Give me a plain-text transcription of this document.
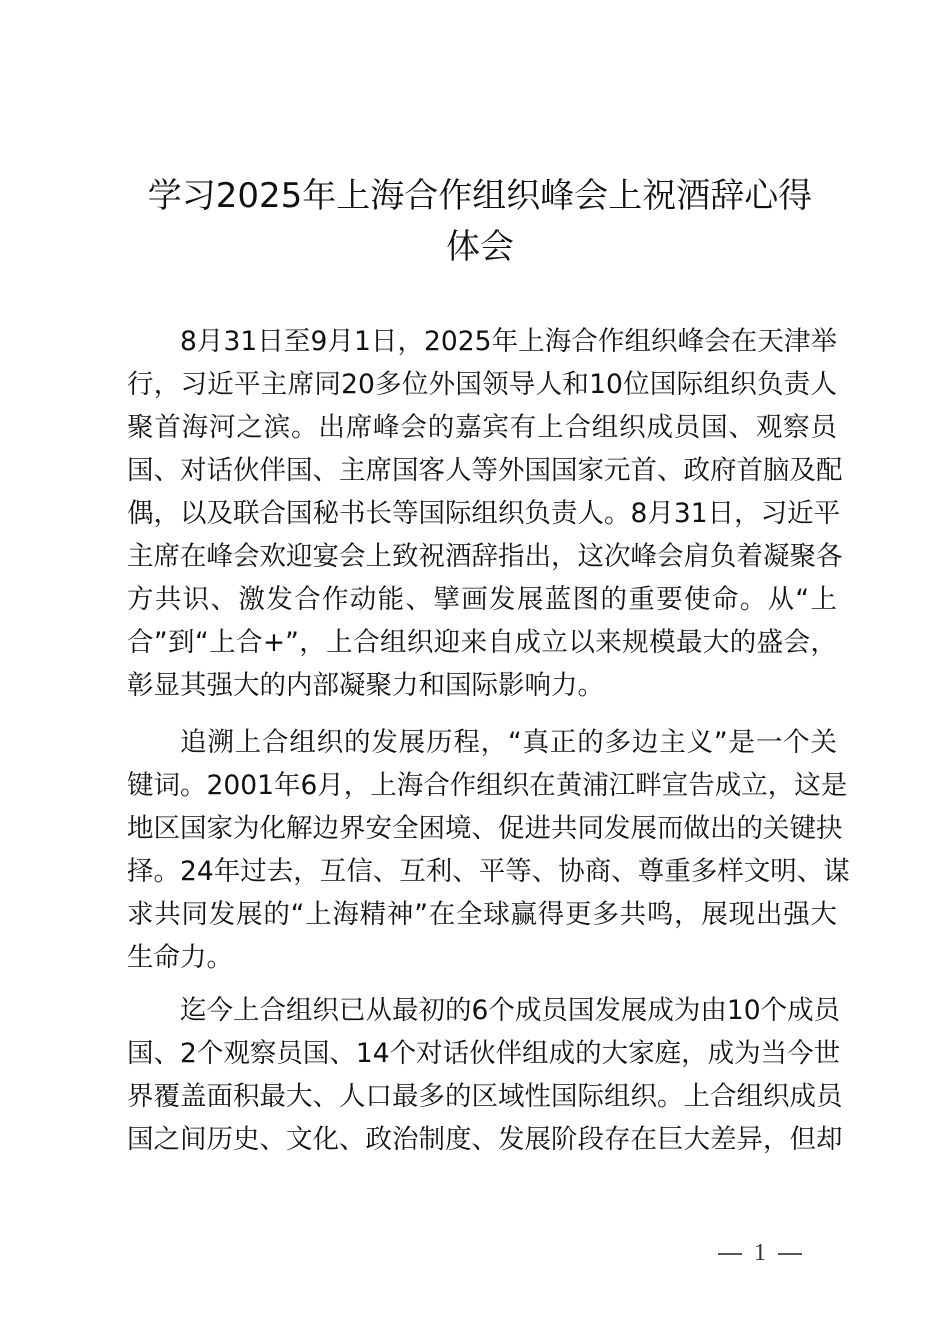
学习2025年上海合作组织峰会上祝酒辞心得
体会
8月31日至9月1日，2025年上海合作组织峰会在天津举
行，习近平主席同20多位外国领导人和10位国际组织负责人
聚首海河之滨。出席峰会的嘉宾有上合组织成员国、观察员
国、对话伙伴国、主席国客人等外国国家元首、政府首脑及配
偶，以及联合国秘书长等国际组织负责人。8月31日，习近平
主席在峰会欢迎宴会上致祝酒辞指出，这次峰会肩负着凝聚各
方共识、激发合作动能、擘画发展蓝图的重要使命。从“上
合”到“上合+”，上合组织迎来自成立以来规模最大的盛会，
彰显其强大的内部凝聚力和国际影响力。
追溯上合组织的发展历程，“真正的多边主义”是一个关
键词。2001年6月，上海合作组织在黄浦江畔宣告成立，这是
地区国家为化解边界安全困境、促进共同发展而做出的关键抉
择。24年过去，互信、互利、平等、协商、尊重多样文明、谋
求共同发展的“上海精神”在全球赢得更多共鸣，展现出强大
生命力。
迄今上合组织已从最初的6个成员国发展成为由10个成员
国、2个观察员国、14个对话伙伴组成的大家庭，成为当今世
界覆盖面积最大、人口最多的区域性国际组织。上合组织成员
国之间历史、文化、政治制度、发展阶段存在巨大差异，但却
1
